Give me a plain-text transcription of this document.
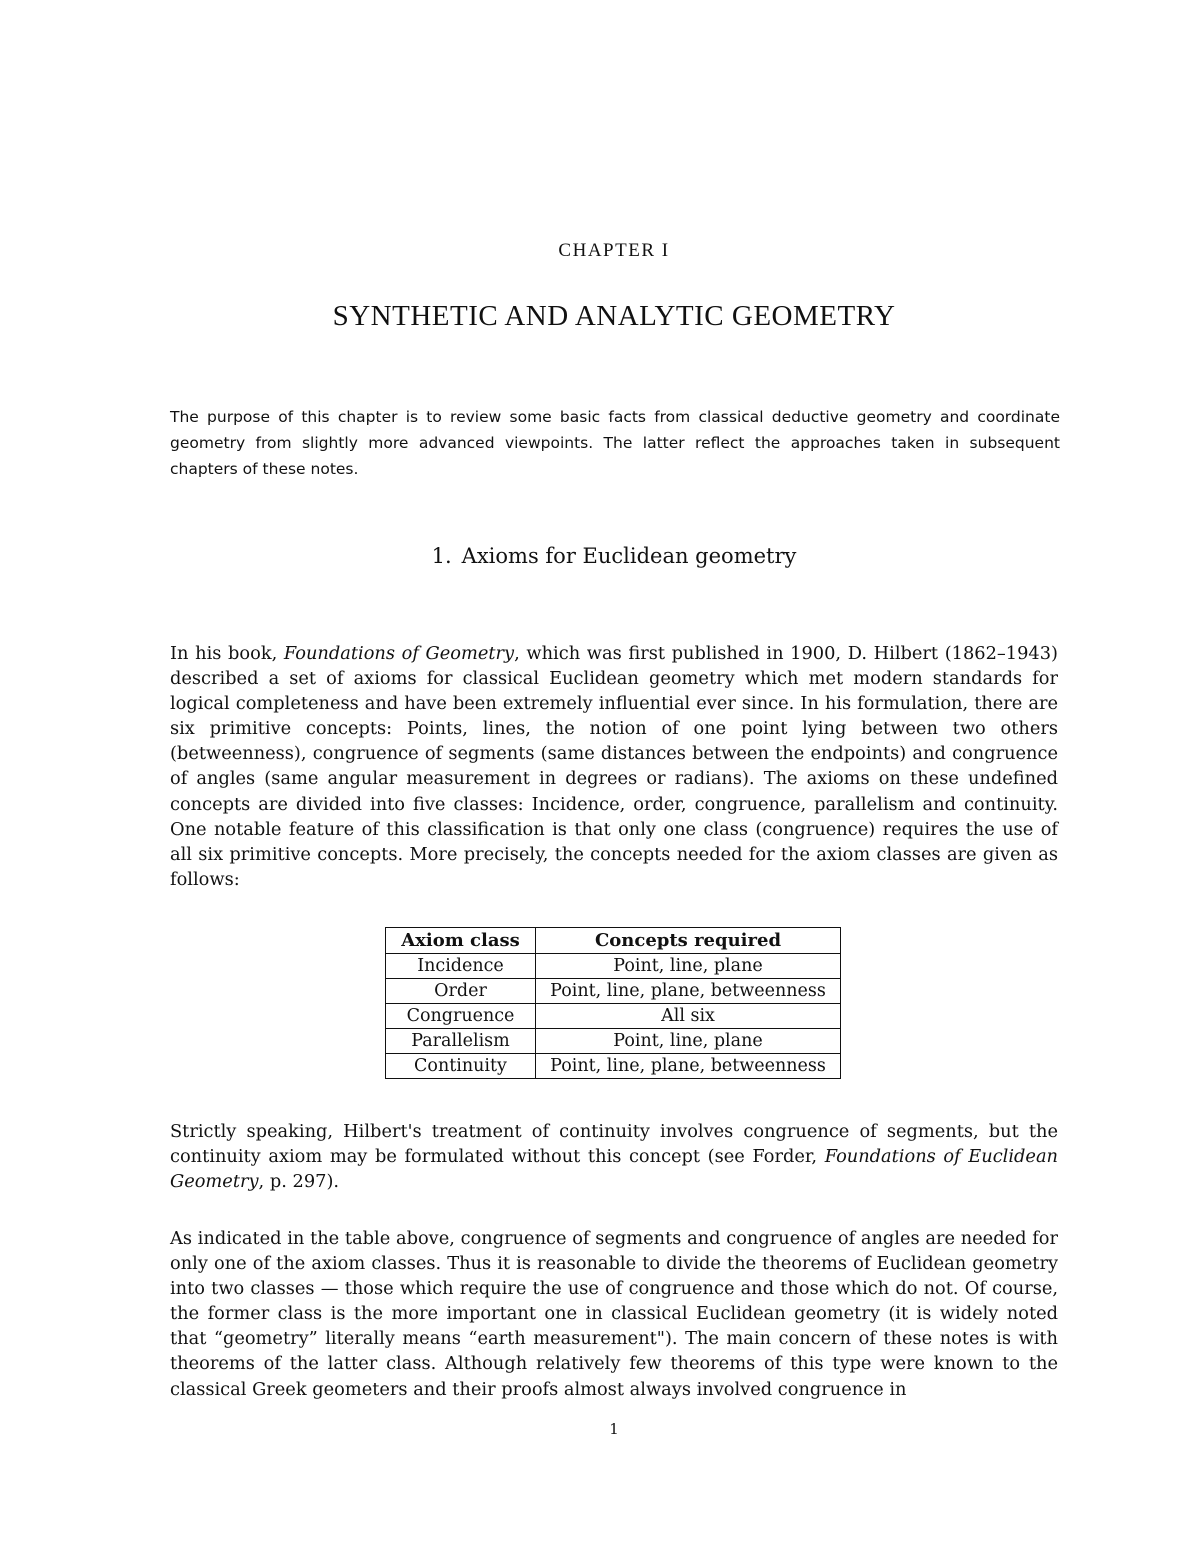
CHAPTER I
SYNTHETIC AND ANALYTIC GEOMETRY
The purpose of this chapter is to review some basic facts from classical deductive geometry and coordinate geometry from slightly more advanced viewpoints. The latter reflect the approaches taken in subsequent chapters of these notes.
1. Axioms for Euclidean geometry

In his book, Foundations of Geometry, which was first published in 1900, D. Hilbert (1862–1943) described a set of axioms for classical Euclidean geometry which met modern standards for logical completeness and have been extremely influential ever since. In his formulation, there are six primitive concepts: Points, lines, the notion of one point lying between two others (betweenness), congruence of segments (same distances between the endpoints) and congruence of angles (same angular measurement in degrees or radians). The axioms on these undefined concepts are divided into five classes: Incidence, order, congruence, parallelism and continuity. One notable feature of this classification is that only one class (congruence) requires the use of all six primitive concepts. More precisely, the concepts needed for the axiom classes are given as follows:

Axiom class	Concepts required
Incidence	Point, line, plane
Order	Point, line, plane, betweenness
Congruence	All six
Parallelism	Point, line, plane
Continuity	Point, line, plane, betweenness

Strictly speaking, Hilbert's treatment of continuity involves congruence of segments, but the continuity axiom may be formulated without this concept (see Forder, Foundations of Euclidean Geometry, p. 297).

As indicated in the table above, congruence of segments and congruence of angles are needed for only one of the axiom classes. Thus it is reasonable to divide the theorems of Euclidean geometry into two classes — those which require the use of congruence and those which do not. Of course, the former class is the more important one in classical Euclidean geometry (it is widely noted that “geometry” literally means “earth measurement"). The main concern of these notes is with theorems of the latter class. Although relatively few theorems of this type were known to the classical Greek geometers and their proofs almost always involved congruence in

1
